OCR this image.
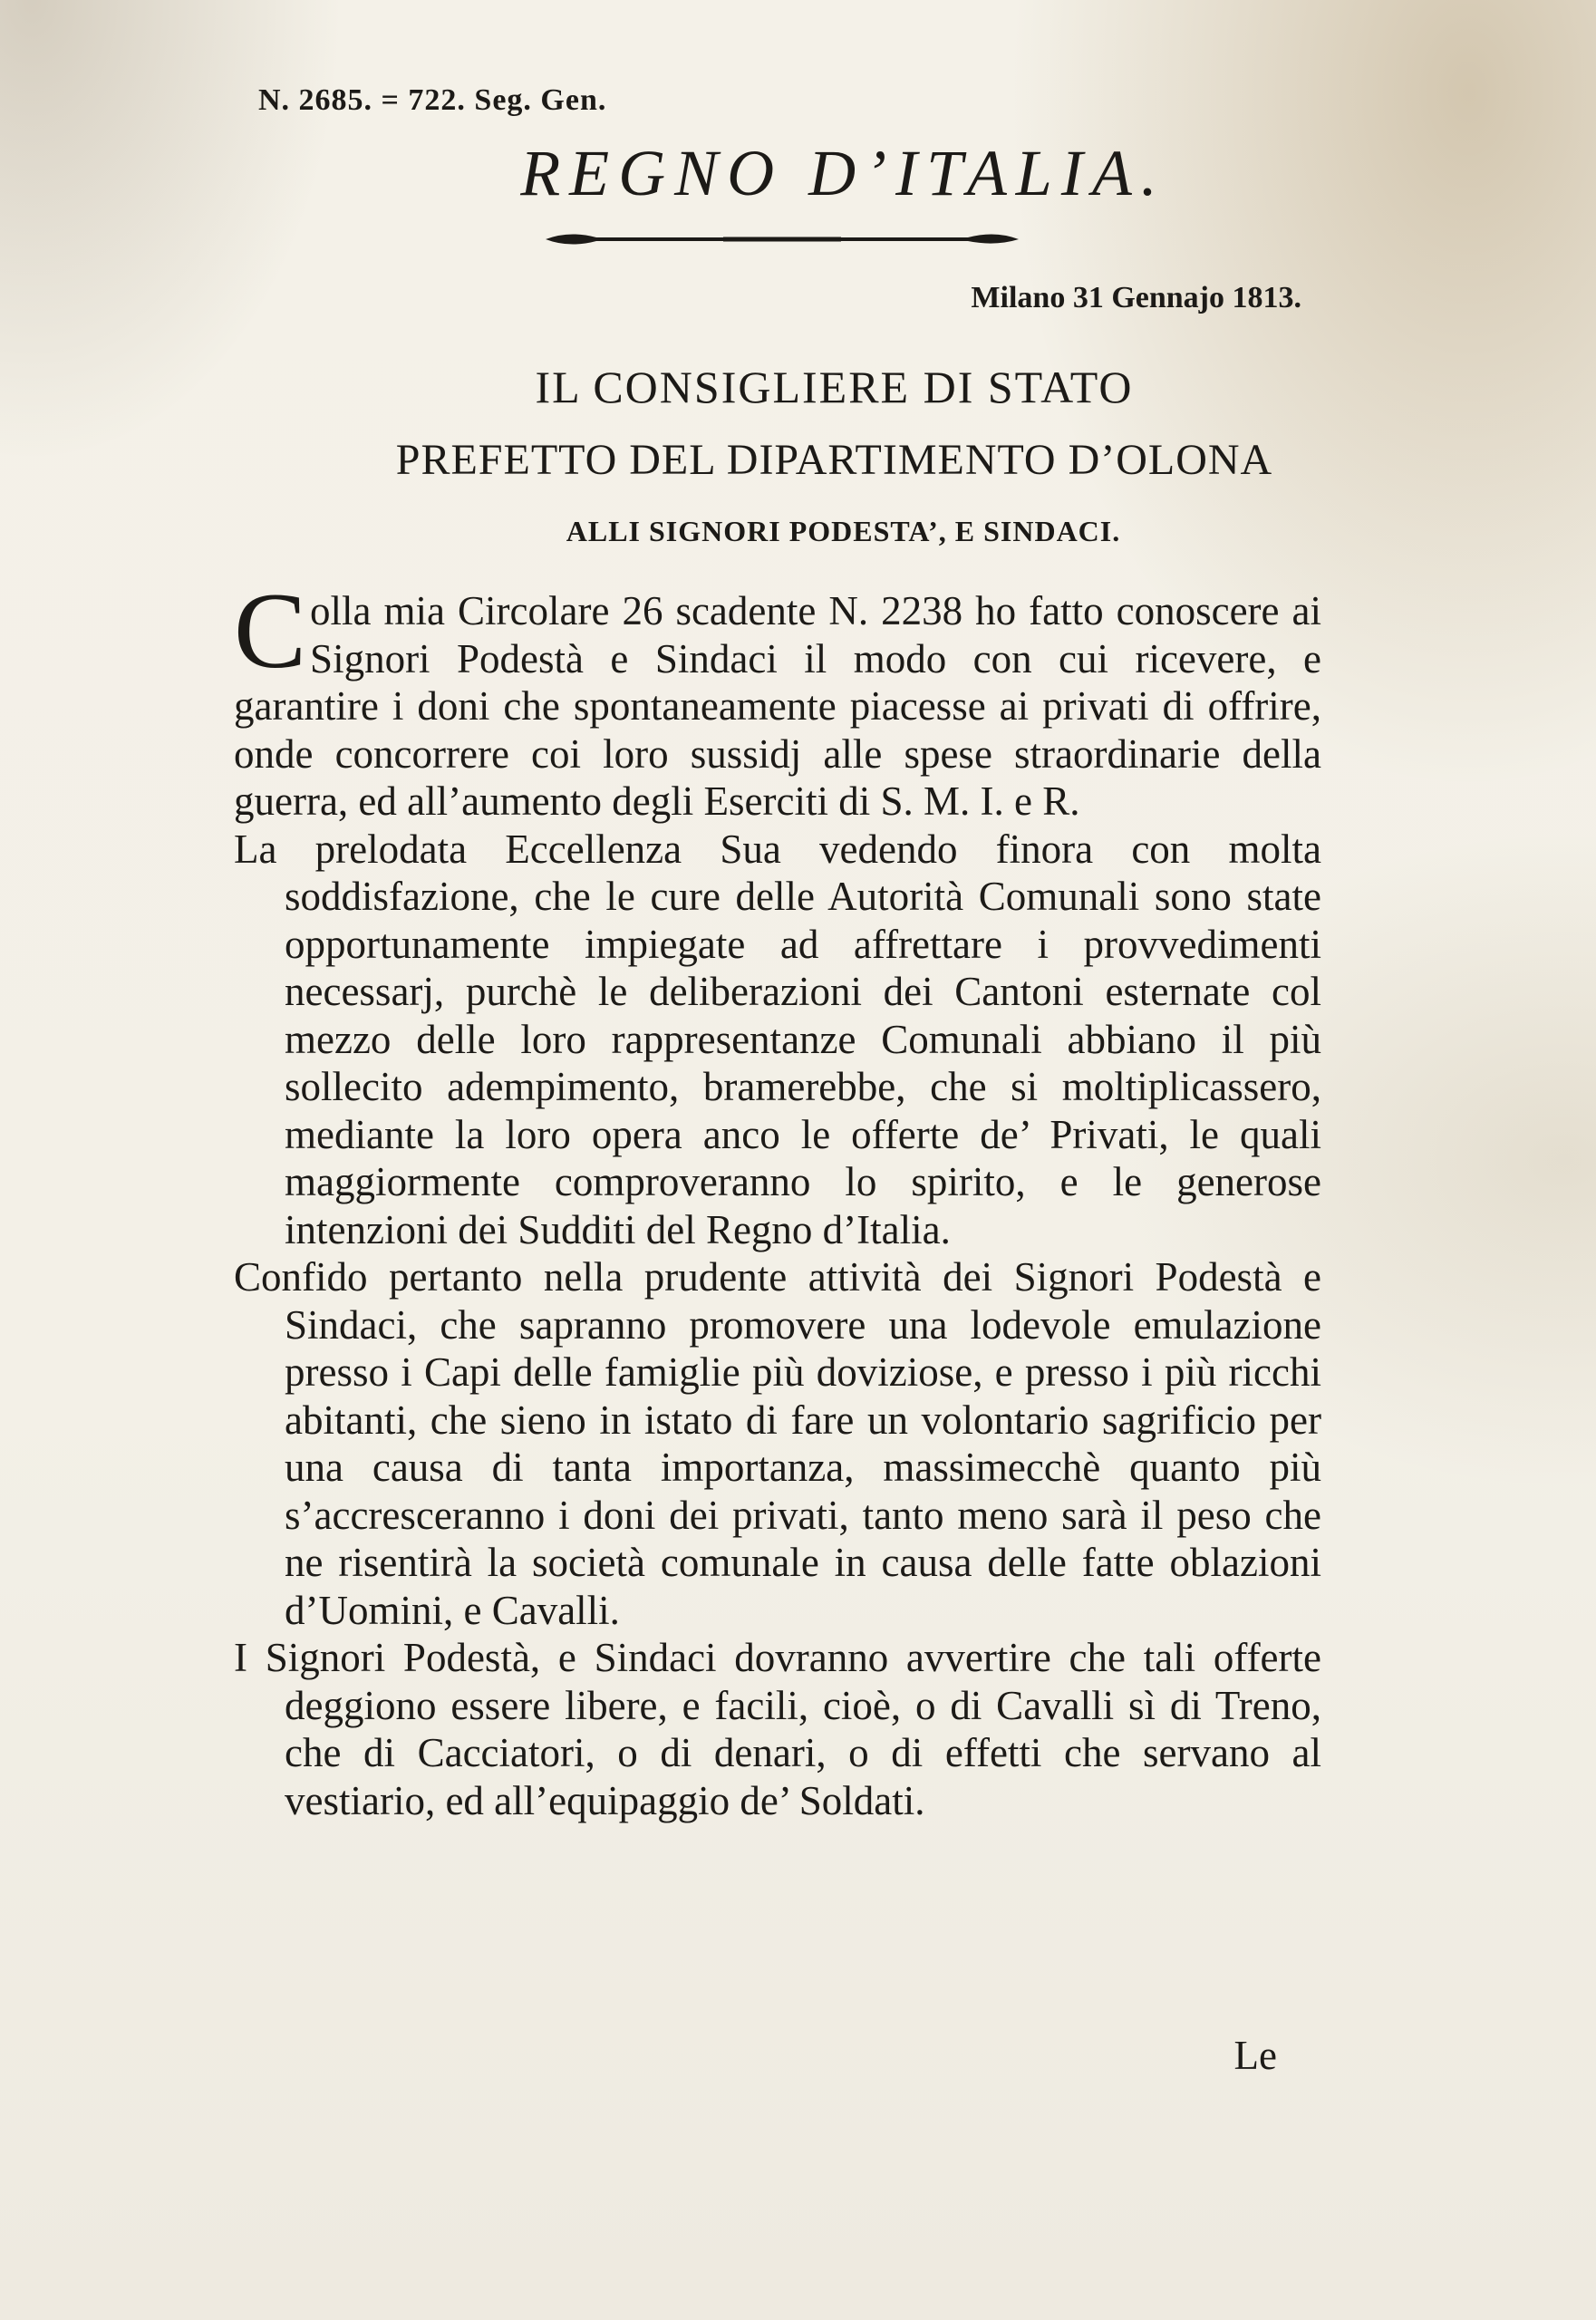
N. 2685. = 722. Seg. Gen.
REGNO D’ITALIA.
Milano 31 Gennajo 1813.
IL CONSIGLIERE DI STATO
PREFETTO DEL DIPARTIMENTO D’OLONA
ALLI SIGNORI PODESTA’, E SINDACI.

Colla mia Circolare 26 scadente N. 2238 ho fatto conoscere ai Signori Podestà e Sindaci il modo con cui ricevere, e garantire i doni che spontaneamente piacesse ai privati di offrire, onde concorrere coi loro sussidj alle spese straordinarie della guerra, ed all’aumento degli Eserciti di S. M. I. e R.

La prelodata Eccellenza Sua vedendo finora con molta soddisfazione, che le cure delle Autorità Comunali sono state opportunamente impiegate ad affrettare i provvedimenti necessarj, purchè le deliberazioni dei Cantoni esternate col mezzo delle loro rappresentanze Comunali abbiano il più sollecito adempimento, bramerebbe, che si moltiplicassero, mediante la loro opera anco le offerte de’ Privati, le quali maggiormente comproveranno lo spirito, e le generose intenzioni dei Sudditi del Regno d’Italia.

Confido pertanto nella prudente attività dei Signori Podestà e Sindaci, che sapranno promovere una lodevole emulazione presso i Capi delle famiglie più doviziose, e presso i più ricchi abitanti, che sieno in istato di fare un volontario sagrificio per una causa di tanta importanza, massimecchè quanto più s’accresceranno i doni dei privati, tanto meno sarà il peso che ne risentirà la società comunale in causa delle fatte oblazioni d’Uomini, e Cavalli.

I Signori Podestà, e Sindaci dovranno avvertire che tali offerte deggiono essere libere, e facili, cioè, o di Cavalli sì di Treno, che di Cacciatori, o di denari, o di effetti che servano al vestiario, ed all’equipaggio de’ Soldati.

Le
